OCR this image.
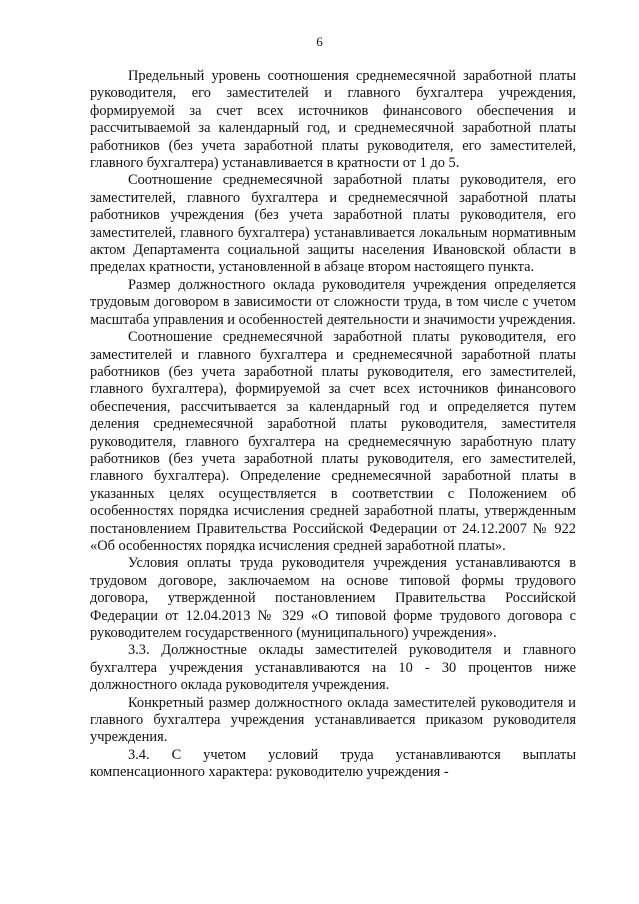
6

Предельный уровень соотношения среднемесячной заработной платы руководителя, его заместителей и главного бухгалтера учреждения, формируемой за счет всех источников финансового обеспечения и рассчитываемой за календарный год, и среднемесячной заработной платы работников (без учета заработной платы руководителя, его заместителей, главного бухгалтера) устанавливается в кратности от 1 до 5.

Соотношение среднемесячной заработной платы руководителя, его заместителей, главного бухгалтера и среднемесячной заработной платы работников учреждения (без учета заработной платы руководителя, его заместителей, главного бухгалтера) устанавливается локальным нормативным актом Департамента социальной защиты населения Ивановской области в пределах кратности, установленной в абзаце втором настоящего пункта.

Размер должностного оклада руководителя учреждения определяется трудовым договором в зависимости от сложности труда, в том числе с учетом масштаба управления и особенностей деятельности и значимости учреждения.

Соотношение среднемесячной заработной платы руководителя, его заместителей и главного бухгалтера и среднемесячной заработной платы работников (без учета заработной платы руководителя, его заместителей, главного бухгалтера), формируемой за счет всех источников финансового обеспечения, рассчитывается за календарный год и определяется путем деления среднемесячной заработной платы руководителя, заместителя руководителя, главного бухгалтера на среднемесячную заработную плату работников (без учета заработной платы руководителя, его заместителей, главного бухгалтера). Определение среднемесячной заработной платы в указанных целях осуществляется в соответствии с Положением об особенностях порядка исчисления средней заработной платы, утвержденным постановлением Правительства Российской Федерации от 24.12.2007 № 922 «Об особенностях порядка исчисления средней заработной платы».

Условия оплаты труда руководителя учреждения устанавливаются в трудовом договоре, заключаемом на основе типовой формы трудового договора, утвержденной постановлением Правительства Российской Федерации от 12.04.2013 № 329 «О типовой форме трудового договора с руководителем государственного (муниципального) учреждения».

3.3. Должностные оклады заместителей руководителя и главного бухгалтера учреждения устанавливаются на 10 - 30 процентов ниже должностного оклада руководителя учреждения.

Конкретный размер должностного оклада заместителей руководителя и главного бухгалтера учреждения устанавливается приказом руководителя учреждения.

3.4. С учетом условий труда устанавливаются выплаты компенсационного характера: руководителю учреждения -
